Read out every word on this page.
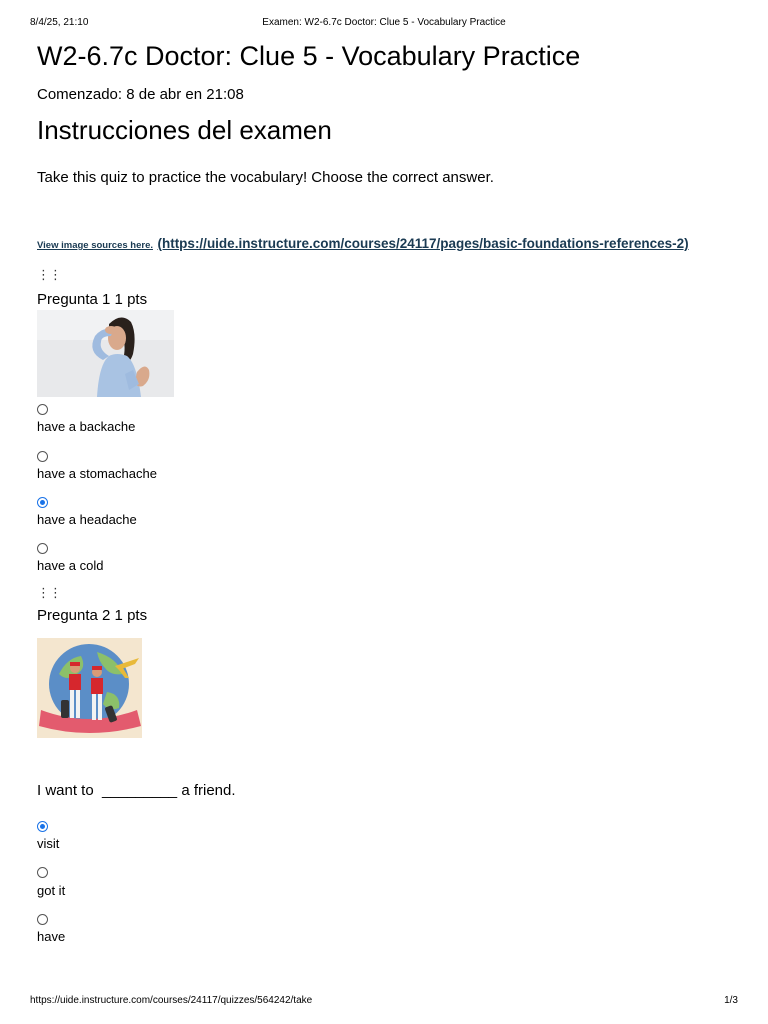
8/4/25, 21:10	Examen: W2-6.7c Doctor: Clue 5 - Vocabulary Practice
W2-6.7c Doctor: Clue 5 - Vocabulary Practice
Comenzado: 8 de abr en 21:08
Instrucciones del examen
Take this quiz to practice the vocabulary! Choose the correct answer.
View image sources here. (https://uide.instructure.com/courses/24117/pages/basic-foundations-references-2)
⋮⋮
Pregunta 1 1 pts
have a backache
have a stomachache
have a headache
have a cold
⋮⋮
Pregunta 2 1 pts
I want to _________ a friend.
visit
got it
have
https://uide.instructure.com/courses/24117/quizzes/564242/take	1/3
